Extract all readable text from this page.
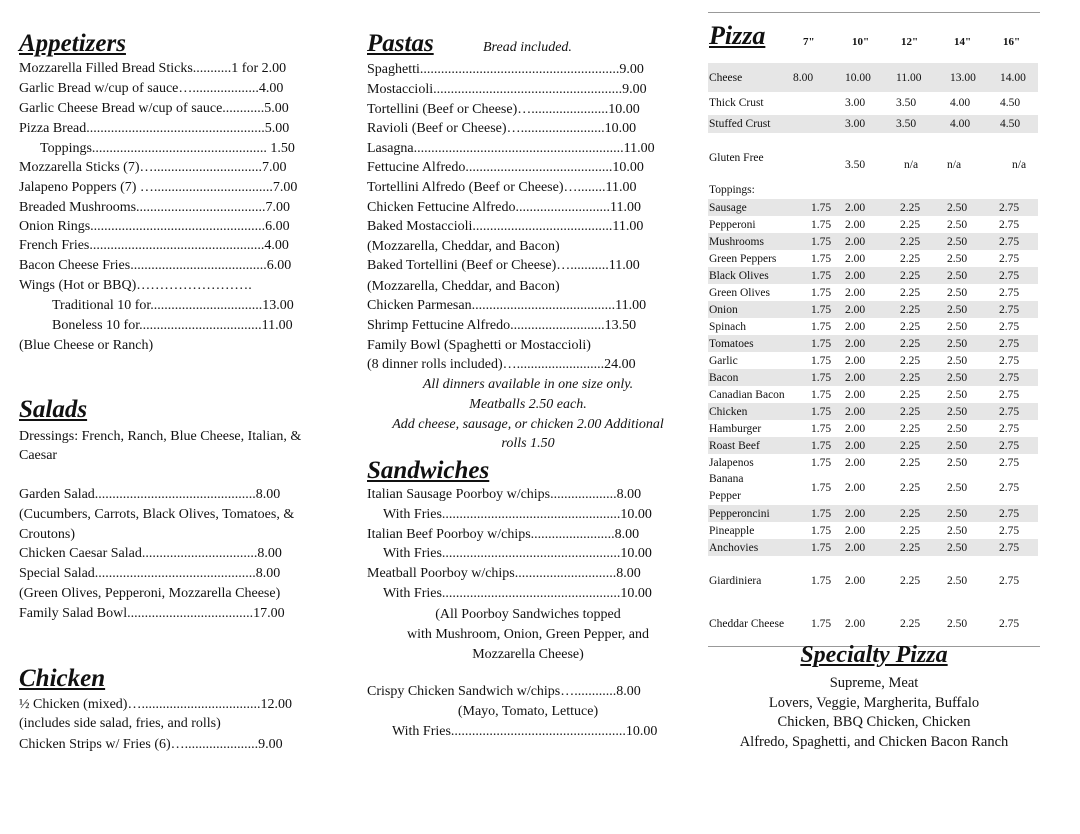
Appetizers
Mozzarella Filled Bread Sticks...........1 for 2.00
Garlic Bread w/cup of sauce…...................4.00
Garlic Cheese Bread w/cup of sauce............5.00
Pizza Bread...................................................5.00
Toppings.................................................. 1.50
Mozzarella Sticks (7)…...............................7.00
Jalapeno Poppers (7) …..................................7.00
Breaded Mushrooms.....................................7.00
Onion Rings..................................................6.00
French Fries..................................................4.00
Bacon Cheese Fries.......................................6.00
Wings (Hot or BBQ)…………………….
Traditional 10 for................................13.00
Boneless 10 for...................................11.00
(Blue Cheese or Ranch)
Salads
Dressings: French, Ranch, Blue Cheese, Italian, &
Caesar
Garden Salad..............................................8.00
(Cucumbers, Carrots, Black Olives, Tomatoes, &
Croutons)
Chicken Caesar Salad.................................8.00
Special Salad..............................................8.00
(Green Olives, Pepperoni, Mozzarella Cheese)
Family Salad Bowl....................................17.00
Chicken
½ Chicken (mixed)…..................................12.00
(includes side salad, fries, and rolls)
Chicken Strips w/ Fries (6)….....................9.00
Pastas	Bread included.
Spaghetti.........................................................9.00
Mostaccioli......................................................9.00
Tortellini (Beef or Cheese)…......................10.00
Ravioli (Beef or Cheese)…........................10.00
Lasagna............................................................11.00
Fettucine Alfredo..........................................10.00
Tortellini Alfredo (Beef or Cheese)…........11.00
Chicken Fettucine Alfredo...........................11.00
Baked Mostaccioli........................................11.00
(Mozzarella, Cheddar, and Bacon)
Baked Tortellini (Beef or Cheese)…...........11.00
(Mozzarella, Cheddar, and Bacon)
Chicken Parmesan.........................................11.00
Shrimp Fettucine Alfredo...........................13.50
Family Bowl (Spaghetti or Mostaccioli)
(8 dinner rolls included)….........................24.00
All dinners available in one size only.
Meatballs 2.50 each.
Add cheese, sausage, or chicken 2.00 Additional
rolls 1.50
Sandwiches
Italian Sausage Poorboy w/chips...................8.00
With Fries...................................................10.00
Italian Beef Poorboy w/chips........................8.00
With Fries...................................................10.00
Meatball Poorboy w/chips.............................8.00
With Fries...................................................10.00
(All Poorboy Sandwiches topped
with Mushroom, Onion, Green Pepper, and
Mozzarella Cheese)
Crispy Chicken Sandwich w/chips…............8.00
(Mayo, Tomato, Lettuce)
With Fries..................................................10.00
Pizza	7"	10"	12"	14"	16"
Cheese	8.00	10.00 11.00 13.00 14.00
Thick Crust	3.00	3.50	4.00	4.50
Stuffed Crust	3.00	3.50	4.00	4.50
Gluten Free
3.50	n/a	n/a	n/a
Toppings:
Sausage	1.75 2.00	2.25 2.50	2.75
Pepperoni	1.75 2.00	2.25 2.50	2.75
Mushrooms	1.75 2.00	2.25 2.50	2.75
Green Peppers	1.75 2.00	2.25 2.50	2.75
Black Olives	1.75 2.00	2.25 2.50	2.75
Green Olives	1.75 2.00	2.25 2.50	2.75
Onion	1.75 2.00	2.25 2.50	2.75
Spinach	1.75 2.00	2.25 2.50	2.75
Tomatoes	1.75 2.00	2.25 2.50	2.75
Garlic	1.75 2.00	2.25 2.50	2.75
Bacon	1.75 2.00	2.25 2.50	2.75
Canadian Bacon 1.75 2.00	2.25 2.50	2.75
Chicken	1.75 2.00	2.25 2.50	2.75
Hamburger	1.75 2.00	2.25 2.50	2.75
Roast Beef	1.75 2.00	2.25 2.50	2.75
Jalapenos	1.75 2.00	2.25 2.50	2.75
Banana
Pepper
1.75 2.00	2.25 2.50	2.75
Pepperoncini	1.75 2.00	2.25 2.50	2.75
Pineapple	1.75 2.00	2.25 2.50	2.75
Anchovies	1.75 2.00	2.25 2.50	2.75
Giardiniera	1.75 2.00	2.25 2.50	2.75
Cheddar Cheese 1.75 2.00	2.25 2.50	2.75
Specialty Pizza
Supreme, Meat
Lovers, Veggie, Margherita, Buffalo
Chicken, BBQ Chicken, Chicken
Alfredo, Spaghetti, and Chicken Bacon Ranch
